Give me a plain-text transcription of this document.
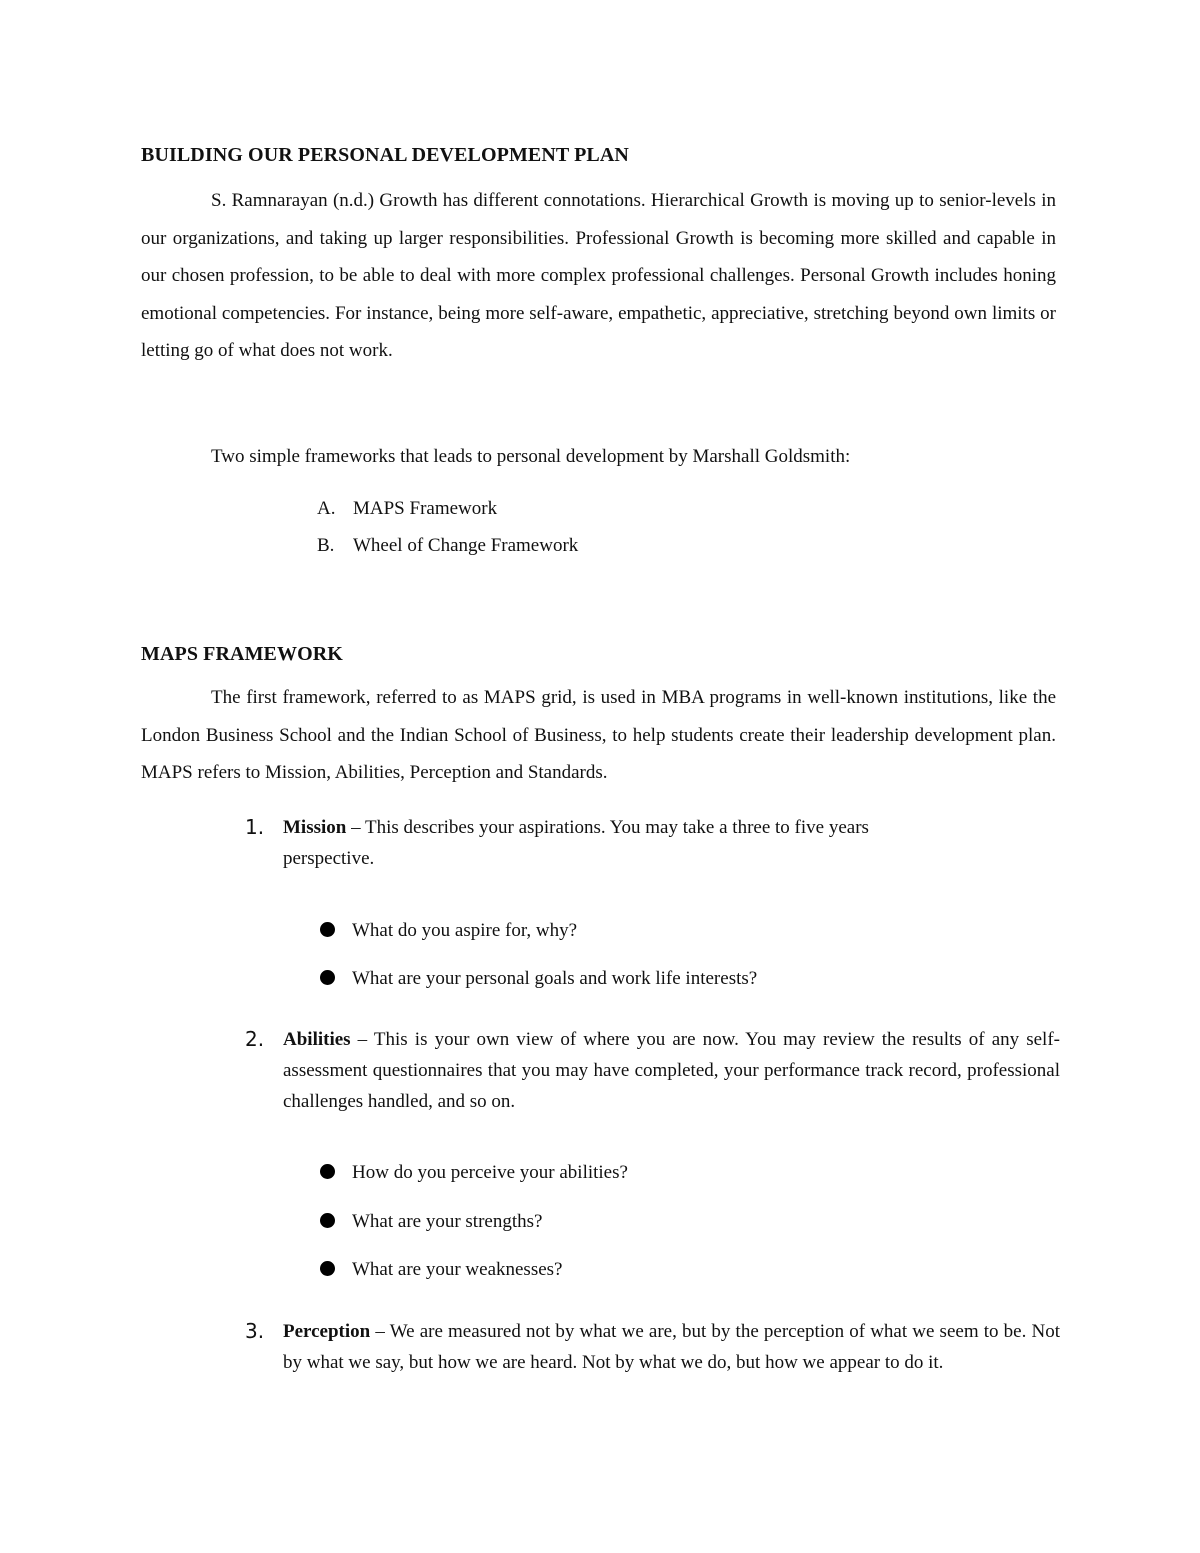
BUILDING OUR PERSONAL DEVELOPMENT PLAN

S. Ramnarayan (n.d.) Growth has different connotations. Hierarchical Growth is moving up to senior-levels in our organizations, and taking up larger responsibilities. Professional Growth is becoming more skilled and capable in our chosen profession, to be able to deal with more complex professional challenges. Personal Growth includes honing emotional competencies. For instance, being more self-aware, empathetic, appreciative, stretching beyond own limits or letting go of what does not work.

Two simple frameworks that leads to personal development by Marshall Goldsmith:
A. MAPS Framework
B. Wheel of Change Framework
MAPS FRAMEWORK

The first framework, referred to as MAPS grid, is used in MBA programs in well-known institutions, like the London Business School and the Indian School of Business, to help students create their leadership development plan. MAPS refers to Mission, Abilities, Perception and Standards.

1. Mission – This describes your aspirations. You may take a three to five years perspective.
What do you aspire for, why?
What are your personal goals and work life interests?
2. Abilities – This is your own view of where you are now. You may review the results of any self-assessment questionnaires that you may have completed, your performance track record, professional challenges handled, and so on.
How do you perceive your abilities?
What are your strengths?
What are your weaknesses?
3. Perception – We are measured not by what we are, but by the perception of what we seem to be. Not by what we say, but how we are heard. Not by what we do, but how we appear to do it.
